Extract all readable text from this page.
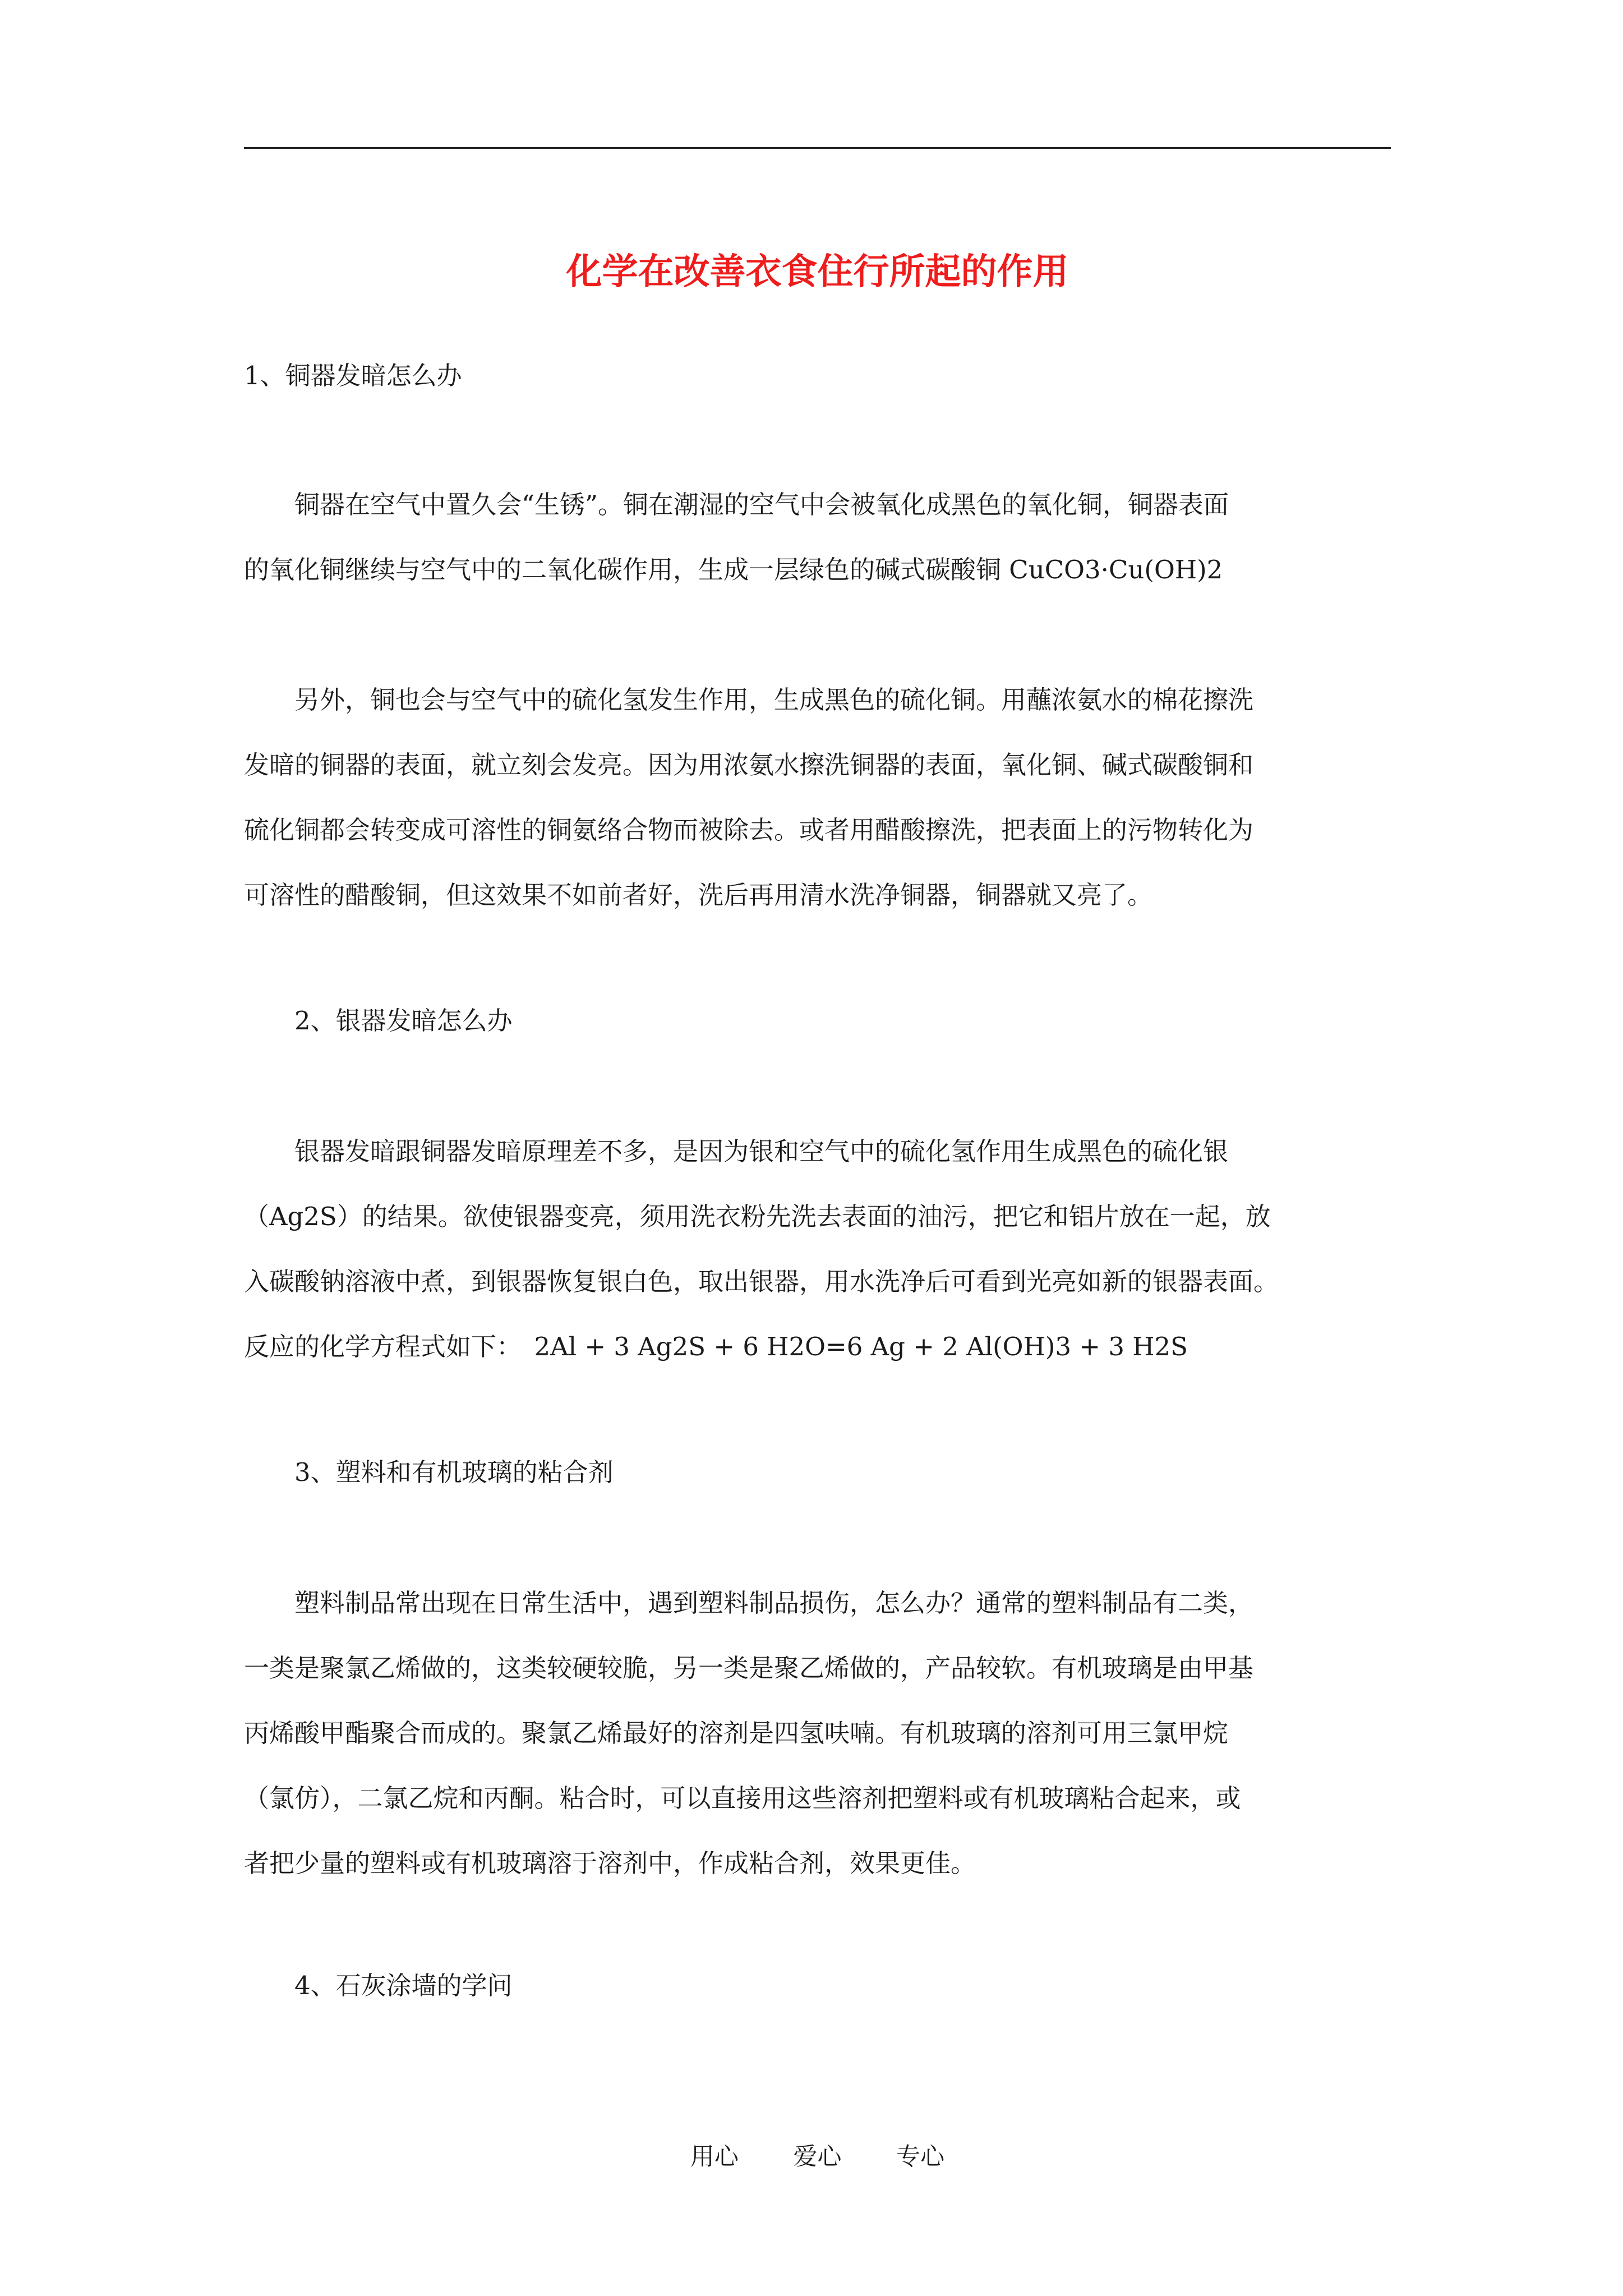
化学在改善衣食住行所起的作用

1、铜器发暗怎么办

　　铜器在空气中置久会“生锈”。铜在潮湿的空气中会被氧化成黑色的氧化铜，铜器表面
的氧化铜继续与空气中的二氧化碳作用，生成一层绿色的碱式碳酸铜 CuCO3·Cu(OH)2
　　另外，铜也会与空气中的硫化氢发生作用，生成黑色的硫化铜。用蘸浓氨水的棉花擦洗
发暗的铜器的表面，就立刻会发亮。因为用浓氨水擦洗铜器的表面，氧化铜、碱式碳酸铜和
硫化铜都会转变成可溶性的铜氨络合物而被除去。或者用醋酸擦洗，把表面上的污物转化为
可溶性的醋酸铜，但这效果不如前者好，洗后再用清水洗净铜器，铜器就又亮了。

　　2、银器发暗怎么办

　　银器发暗跟铜器发暗原理差不多，是因为银和空气中的硫化氢作用生成黑色的硫化银
（Ag2S）的结果。欲使银器变亮，须用洗衣粉先洗去表面的油污，把它和铝片放在一起，放
入碳酸钠溶液中煮，到银器恢复银白色，取出银器，用水洗净后可看到光亮如新的银器表面。
反应的化学方程式如下：　2Al + 3 Ag2S + 6 H2O=6 Ag + 2 Al(OH)3 + 3 H2S

　　3、塑料和有机玻璃的粘合剂

　　塑料制品常出现在日常生活中，遇到塑料制品损伤，怎么办？通常的塑料制品有二类，
一类是聚氯乙烯做的，这类较硬较脆，另一类是聚乙烯做的，产品较软。有机玻璃是由甲基
丙烯酸甲酯聚合而成的。聚氯乙烯最好的溶剂是四氢呋喃。有机玻璃的溶剂可用三氯甲烷
（氯仿），二氯乙烷和丙酮。粘合时，可以直接用这些溶剂把塑料或有机玻璃粘合起来，或
者把少量的塑料或有机玻璃溶于溶剂中，作成粘合剂，效果更佳。

　　4、石灰涂墙的学问

用心 爱心 专心
